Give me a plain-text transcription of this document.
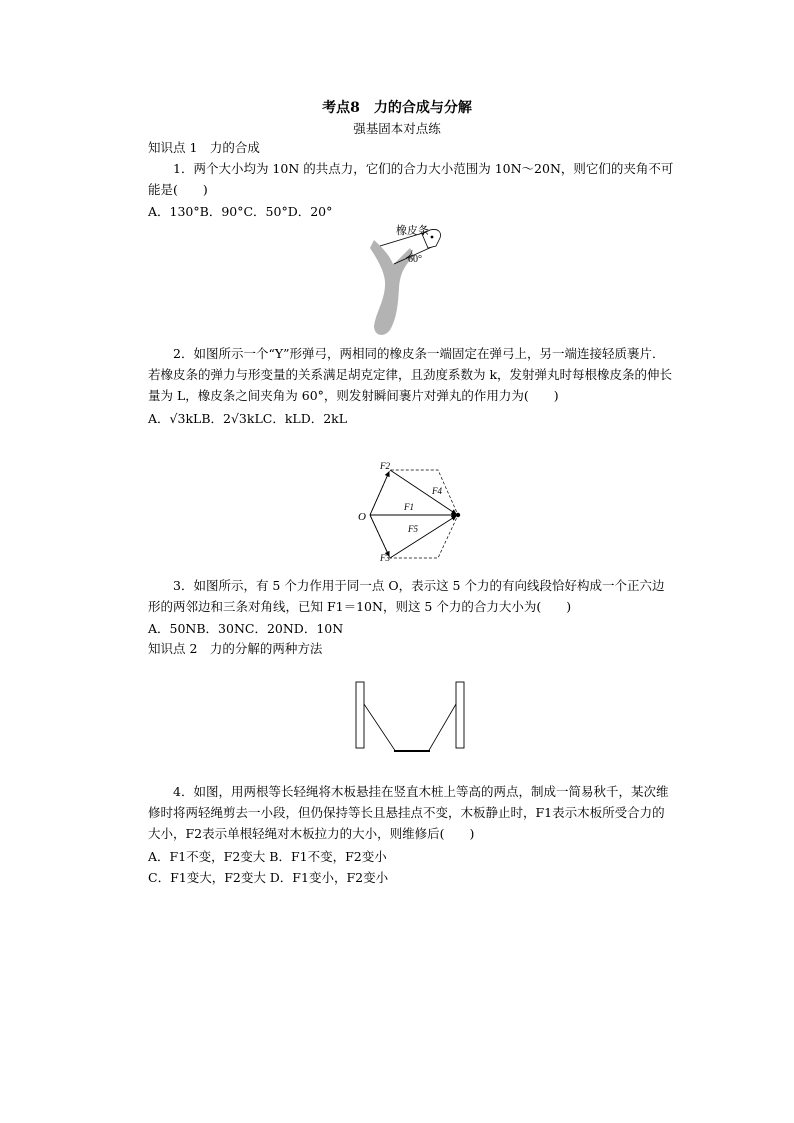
考点8　力的合成与分解
强基固本对点练
知识点 1　力的合成
1．两个大小均为 10N 的共点力，它们的合力大小范围为 10N～20N，则它们的夹角不可能是(　　)
A．130°B．90°C．50°D．20°
橡皮条
60°
2．如图所示一个“Y”形弹弓，两相同的橡皮条一端固定在弹弓上，另一端连接轻质裹片．若橡皮条的弹力与形变量的关系满足胡克定律，且劲度系数为 k，发射弹丸时每根橡皮条的伸长量为 L，橡皮条之间夹角为 60°，则发射瞬间裹片对弹丸的作用力为(　　)
A．√3kLB．2√3kLC．kLD．2kL
O
F1
F2
F3
F4
F5
3．如图所示，有 5 个力作用于同一点 O，表示这 5 个力的有向线段恰好构成一个正六边形的两邻边和三条对角线，已知 F1＝10N，则这 5 个力的合力大小为(　　)
A．50NB．30NC．20ND．10N
知识点 2　力的分解的两种方法
4．如图，用两根等长轻绳将木板悬挂在竖直木桩上等高的两点，制成一简易秋千，某次维修时将两轻绳剪去一小段，但仍保持等长且悬挂点不变，木板静止时，F1表示木板所受合力的大小，F2表示单根轻绳对木板拉力的大小，则维修后(　　)
A．F1不变，F2变大 B．F1不变，F2变小
C．F1变大，F2变大 D．F1变小，F2变小
